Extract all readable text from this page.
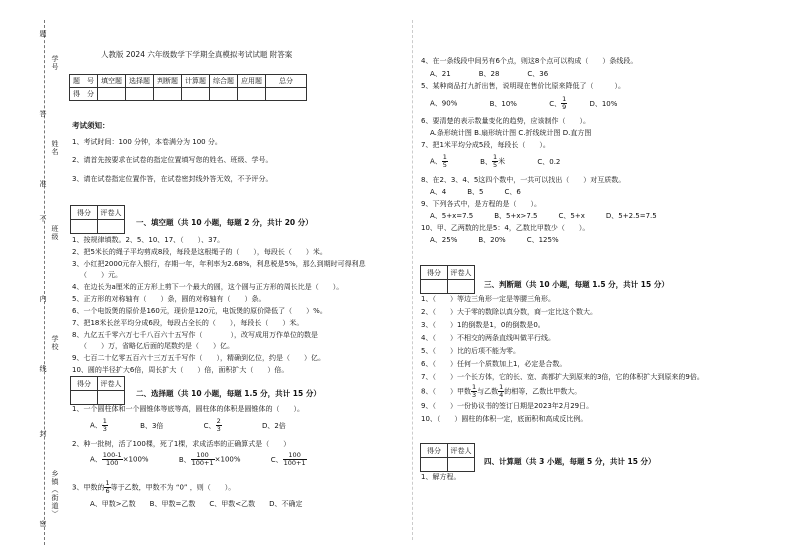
学号
姓名
班级
学校
乡镇（街道）
题
答
准
不
内
线
封
密
人教版 2024 六年级数学下学期全真模拟考试试题 附答案
题　号	填空题	选择题	判断题	计算题	综合题	应用题	总分
得　分							
考试须知：
1、考试时间：100 分钟，本卷满分为 100 分。
2、请首先按要求在试卷的指定位置填写您的姓名、班级、学号。
3、请在试卷指定位置作答，在试卷密封线外答无效，不予评分。
得分	评卷人

一、填空题（共 10 小题，每题 2 分，共计 20 分）
1、按规律填数。2、5、10、17、（　　）、37。
2、把5米长的绳子平均剪成8段，每段是这根绳子的（　　），每段长（　　）米。
3、小红把2000元存入银行，存期一年，年利率为2.68%，利息税是5%，那么到期时可得利息
（　　）元。
4、在边长为a厘米的正方形上剪下一个最大的圆，这个圆与正方形的周长比是（　　）。
5、正方形的对称轴有（　　）条，圆的对称轴有（　　）条。
6、一个电饭煲的原价是160元，现价是120元，电饭煲的原价降低了（　　）%。
7、把18米长丝平均分成6段，每段占全长的（　　），每段长（　　）米。
8、九亿五千零六万七千八百六十五写作（　　　　），改写成用万作单位的数是
（　　）万，省略亿后面的尾数约是（　　）亿。
9、七百二十亿零五百六十三万五千写作（　　），精确到亿位，约是（　　）亿。
10、圆的半径扩大6倍，周长扩大（　　）倍，面积扩大（　　）倍。
得分	评卷人

二、选择题（共 10 小题，每题 1.5 分，共计 15 分）
1、一个圆柱体和一个圆锥体等底等高，圆柱体的体积是圆锥体的（　　）。
A、 $\frac{1}{3}$	B、3倍	C、 $\frac{2}{3}$	D、2倍
2、种一批树，活了100棵，死了1棵，求成活率的正确算式是（　　）
A、 $\frac{100-1}{100} \times 100\%$	B、 $\frac{100}{100+1} \times 100\%$	C、 $\frac{100}{100+1}$
3、甲数的 $\frac{1}{6}$ 等于乙数，甲数不为 “0” ，则（　　）。
A、甲数>乙数　　B、甲数=乙数　　C、甲数<乙数　　D、不确定
4、在一条线段中间另有6个点，则这8个点可以构成（　　）条线段。
A、21　　　　B、28　　　　C、36
5、某种商品打九折出售，说明现在售价比原来降低了（　　　）。
A、90%	B、10%	C、 $\frac{1}{9}$	D、10%
6、要清楚的表示数量变化的趋势，应该制作（　　）。
A.条形统计图 B.扇形统计图 C.折线统计图 D.直方图
7、把1米平均分成5段，每段长（　　）。
A、 $\frac{1}{5}$	B、 $\frac{1}{5}$ 米	C、0.2
8、在2、3、4、5这四个数中，一共可以找出（　　）对互质数。
A、4　　　B、5　　　C、6
9、下列各式中，是方程的是（　　）。
A、5+x=7.5　　　B、5+x>7.5　　　C、5+x　　　D、5+2.5=7.5
10、甲、乙两数的比是5：4，乙数比甲数少（　　）。
A、25%　　　B、20%　　　C、125%
得分	评卷人

三、判断题（共 10 小题，每题 1.5 分，共计 15 分）
1、（　　）等边三角形一定是等腰三角形。
2、（　　）大于零的数除以真分数，商一定比这个数大。
3、（　　）1的倒数是1，0的倒数是0。
4、（　　）不相交的两条直线叫做平行线。
5、（　　）比的后项不能为零。
6、（　　）任何一个质数加上1，必定是合数。
7、（　　）一个长方体，它的长、宽、高都扩大到原来的3倍，它的体积扩大到原来的9倍。
8、（　　）甲数 $\frac{1}{3}$ 与乙数 $\frac{1}{4}$ 的相等，乙数比甲数大。
9、（　　）一份协议书的签订日期是2023年2月29日。
10、（　　）圆柱的体积一定，底面积和高成反比例。
得分	评卷人

四、计算题（共 3 小题，每题 5 分，共计 15 分）
1、解方程。
